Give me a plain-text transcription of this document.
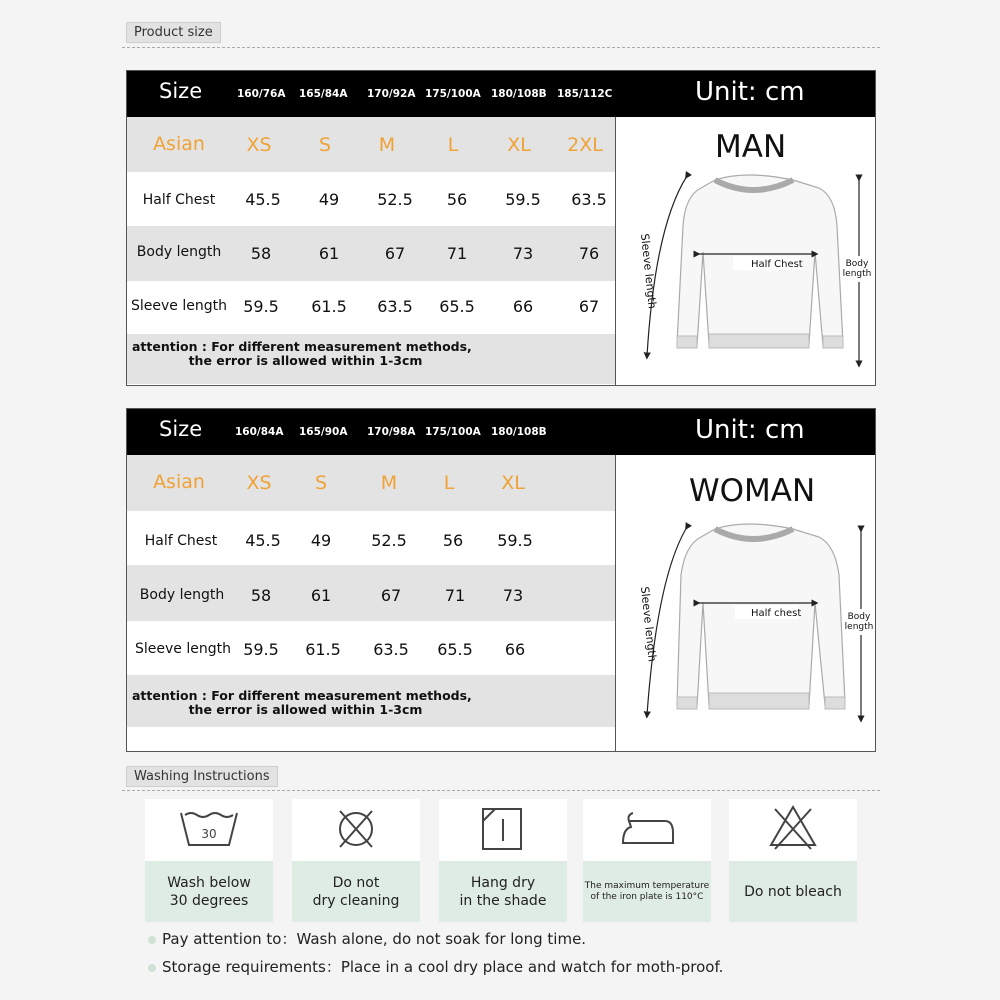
Product size
Size	160/76A 165/84A 170/92A 175/100A 180/108B 185/112C	Unit: cm
Asian	XS	S	M	L	XL	2XL
Half Chest	45.5	49	52.5	56	59.5	63.5
Body length	58	61	67	71	73	76
Sleeve length	59.5	61.5	63.5	65.5	66	67
attention : For different measurement methods,
the error is allowed within 1-3cm
MAN
Half Chest	Body length
Sleeve length
Size	160/84A 165/90A 170/98A 175/100A 180/108B	Unit: cm
Asian	XS	S	M	L	XL
Half Chest	45.5	49	52.5	56	59.5
Body length	58	61	67	71	73
Sleeve length 59.5	61.5	63.5	65.5	66
attention : For different measurement methods,
the error is allowed within 1-3cm
WOMAN
Half chest	Body length
Sleeve length
Washing Instructions
30
Wash below
30 degrees
Do not
dry cleaning
Hang dry
in the shade
The maximum temperature
of the iron plate is 110°C	Do not bleach
Pay attention to：Wash alone, do not soak for long time.
Storage requirements：Place in a cool dry place and watch for moth-proof.
